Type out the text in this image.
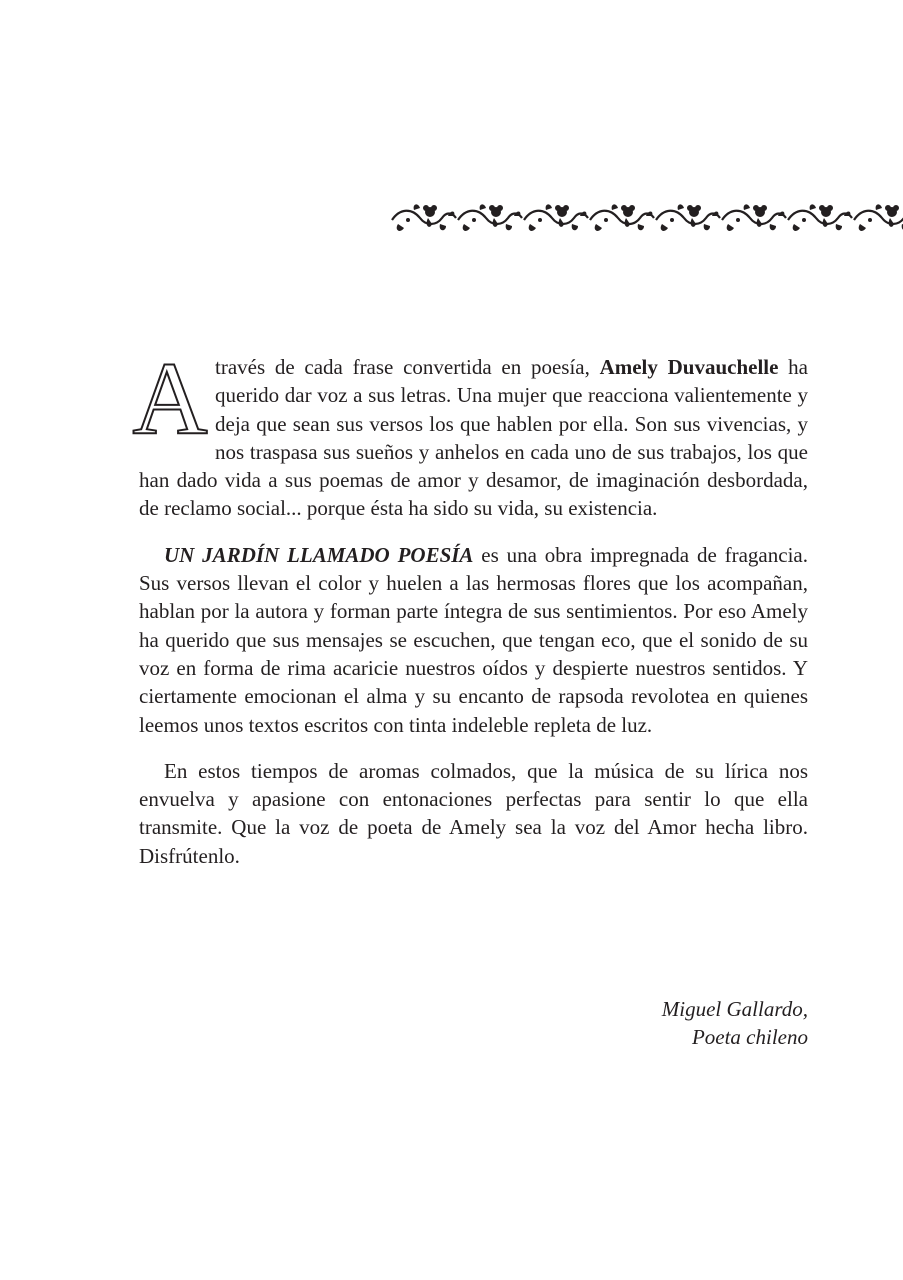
A través de cada frase convertida en poesía, Amely Duvauchelle ha querido dar voz a sus letras. Una mujer que reacciona valientemente y deja que sean sus versos los que hablen por ella. Son sus vivencias, y nos traspasa sus sueños y anhelos en cada uno de sus trabajos, los que han dado vida a sus poemas de amor y desamor, de imaginación desbordada, de reclamo social... porque ésta ha sido su vida, su existencia.

UN JARDÍN LLAMADO POESÍA es una obra impregnada de fragancia. Sus versos llevan el color y huelen a las hermosas flores que los acompañan, hablan por la autora y forman parte íntegra de sus sentimientos. Por eso Amely ha querido que sus mensajes se escuchen, que tengan eco, que el sonido de su voz en forma de rima acaricie nuestros oídos y despierte nuestros sentidos. Y ciertamente emocionan el alma y su encanto de rapsoda revolotea en quienes leemos unos textos escritos con tinta indeleble repleta de luz.

En estos tiempos de aromas colmados, que la música de su lírica nos envuelva y apasione con entonaciones perfectas para sentir lo que ella transmite. Que la voz de poeta de Amely sea la voz del Amor hecha libro. Disfrútenlo.

Miguel Gallardo,
Poeta chileno
